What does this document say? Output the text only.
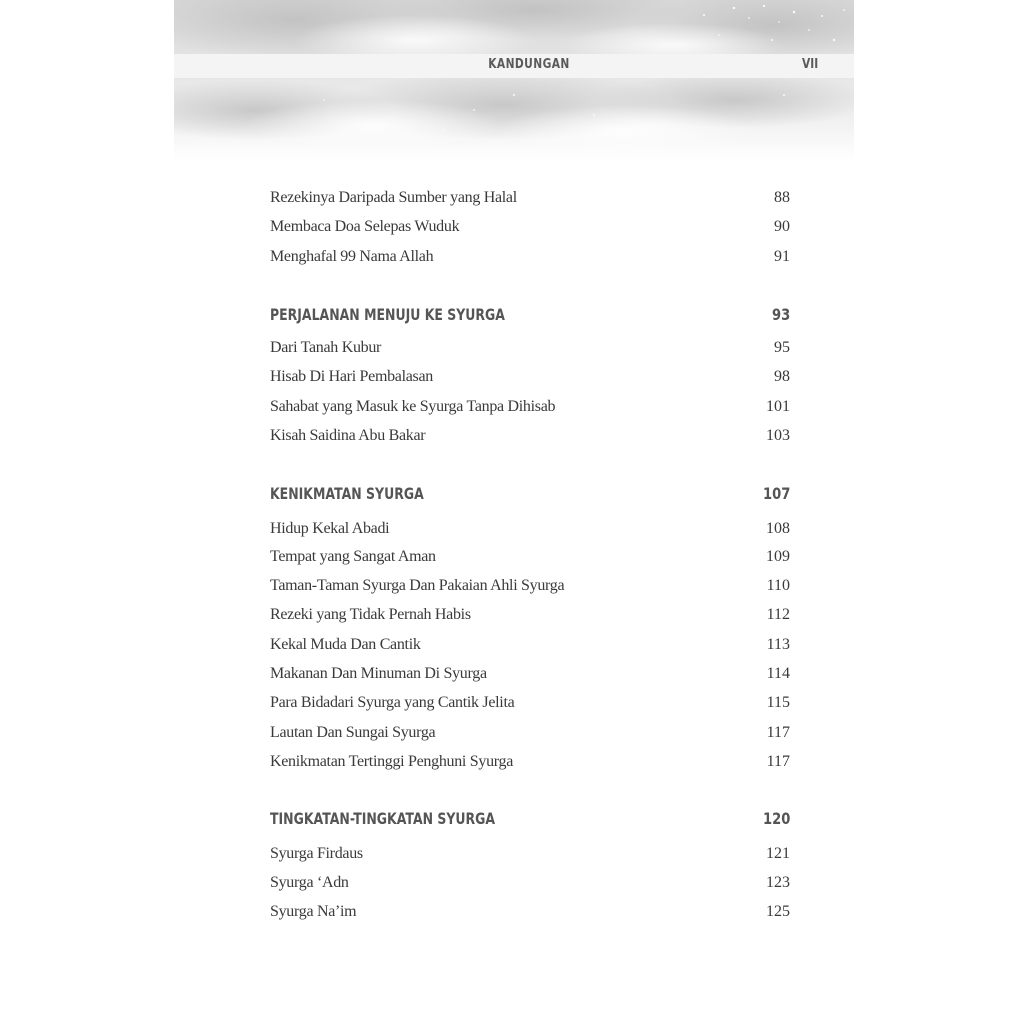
KANDUNGAN	VII
Rezekinya Daripada Sumber yang Halal	88
Membaca Doa Selepas Wuduk	90
Menghafal 99 Nama Allah	91
PERJALANAN MENUJU KE SYURGA	93
Dari Tanah Kubur	95
Hisab Di Hari Pembalasan	98
Sahabat yang Masuk ke Syurga Tanpa Dihisab	101
Kisah Saidina Abu Bakar	103
KENIKMATAN SYURGA	107
Hidup Kekal Abadi	108
Tempat yang Sangat Aman	109
Taman-Taman Syurga Dan Pakaian Ahli Syurga	110
Rezeki yang Tidak Pernah Habis	112
Kekal Muda Dan Cantik	113
Makanan Dan Minuman Di Syurga	114
Para Bidadari Syurga yang Cantik Jelita	115
Lautan Dan Sungai Syurga	117
Kenikmatan Tertinggi Penghuni Syurga	117
TINGKATAN-TINGKATAN SYURGA	120
Syurga Firdaus	121
Syurga ‘Adn	123
Syurga Na’im	125
